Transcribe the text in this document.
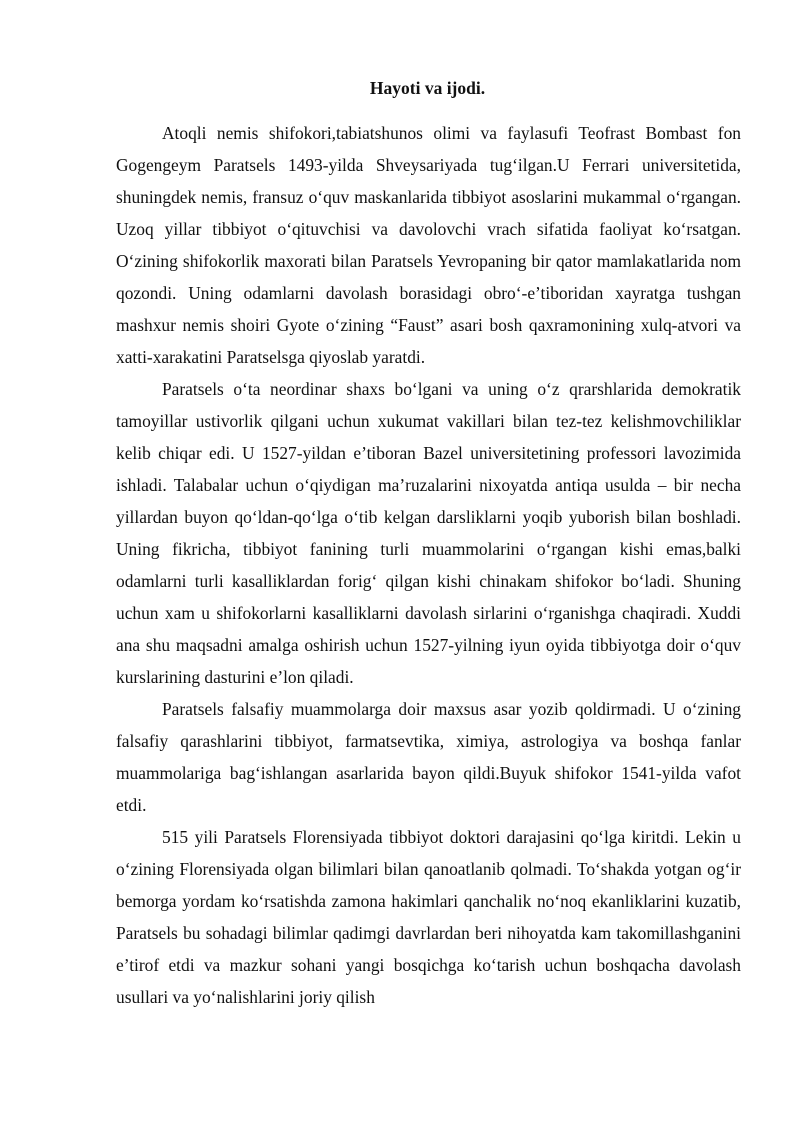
Hayoti va ijodi.

Atoqli nemis shifokori,tabiatshunos olimi va faylasufi Teofrast Bombast fon Gogengeym Paratsels 1493-yilda Shveysariyada tug‘ilgan.U Ferrari universitetida, shuningdek nemis, fransuz o‘quv maskanlarida tibbiyot asoslarini mukammal o‘rgangan. Uzoq yillar tibbiyot o‘qituvchisi va davolovchi vrach sifatida faoliyat ko‘rsatgan. O‘zining shifokorlik maxorati bilan Paratsels Yevropaning bir qator mamlakatlarida nom qozondi. Uning odamlarni davolash borasidagi obro‘-e’tiboridan xayratga tushgan mashxur nemis shoiri Gyote o‘zining “Faust” asari bosh qaxramonining xulq-atvori va xatti-xarakatini Paratselsga qiyoslab yaratdi.

Paratsels o‘ta neordinar shaxs bo‘lgani va uning o‘z qrarshlarida demokratik tamoyillar ustivorlik qilgani uchun xukumat vakillari bilan tez-tez kelishmovchiliklar kelib chiqar edi. U 1527-yildan e’tiboran Bazel universitetining professori lavozimida ishladi. Talabalar uchun o‘qiydigan ma’ruzalarini nixoyatda antiqa usulda – bir necha yillardan buyon qo‘ldan-qo‘lga o‘tib kelgan darsliklarni yoqib yuborish bilan boshladi. Uning fikricha, tibbiyot fanining turli muammolarini o‘rgangan kishi emas,balki odamlarni turli kasalliklardan forig‘ qilgan kishi chinakam shifokor bo‘ladi. Shuning uchun xam u shifokorlarni kasalliklarni davolash sirlarini o‘rganishga chaqiradi. Xuddi ana shu maqsadni amalga oshirish uchun 1527-yilning iyun oyida tibbiyotga doir o‘quv kurslarining dasturini e’lon qiladi.

Paratsels falsafiy muammolarga doir maxsus asar yozib qoldirmadi. U o‘zining falsafiy qarashlarini tibbiyot, farmatsevtika, ximiya, astrologiya va boshqa fanlar muammolariga bag‘ishlangan asarlarida bayon qildi.Buyuk shifokor 1541-yilda vafot etdi.

515 yili Paratsels Florensiyada tibbiyot doktori darajasini qo‘lga kiritdi. Lekin u o‘zining Florensiyada olgan bilimlari bilan qanoatlanib qolmadi. To‘shakda yotgan og‘ir bemorga yordam ko‘rsatishda zamona hakimlari qanchalik no‘noq ekanliklarini kuzatib, Paratsels bu sohadagi bilimlar qadimgi davrlardan beri nihoyatda kam takomillashganini e’tirof etdi va mazkur sohani yangi bosqichga ko‘tarish uchun boshqacha davolash usullari va yo‘nalishlarini joriy qilish
